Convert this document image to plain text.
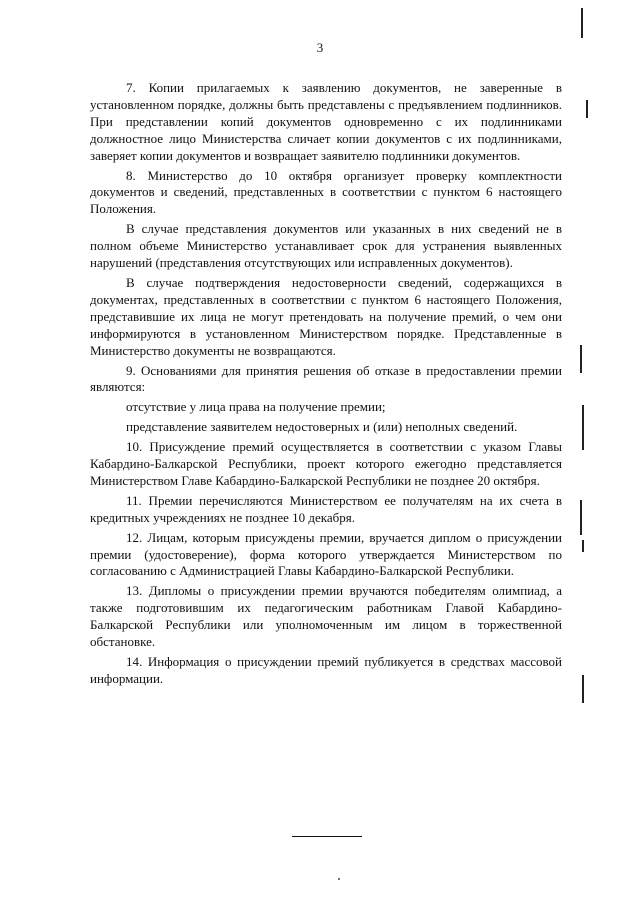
3

7. Копии прилагаемых к заявлению документов, не заверенные в установленном порядке, должны быть представлены с предъявлением подлинников. При представлении копий документов одновременно с их подлинниками должностное лицо Министерства сличает копии документов с их подлинниками, заверяет копии документов и возвращает заявителю подлинники документов.

8. Министерство до 10 октября организует проверку комплектности документов и сведений, представленных в соответствии с пунктом 6 настоящего Положения.

В случае представления документов или указанных в них сведений не в полном объеме Министерство устанавливает срок для устранения выявленных нарушений (представления отсутствующих или исправленных документов).

В случае подтверждения недостоверности сведений, содержащихся в документах, представленных в соответствии с пунктом 6 настоящего Положения, представившие их лица не могут претендовать на получение премий, о чем они информируются в установленном Министерством порядке. Представленные в Министерство документы не возвращаются.

9. Основаниями для принятия решения об отказе в предоставлении премии являются:

отсутствие у лица права на получение премии;

представление заявителем недостоверных и (или) неполных сведений.

10. Присуждение премий осуществляется в соответствии с указом Главы Кабардино-Балкарской Республики, проект которого ежегодно представляется Министерством Главе Кабардино-Балкарской Республики не позднее 20 октября.

11. Премии перечисляются Министерством ее получателям на их счета в кредитных учреждениях не позднее 10 декабря.

12. Лицам, которым присуждены премии, вручается диплом о присуждении премии (удостоверение), форма которого утверждается Министерством по согласованию с Администрацией Главы Кабардино-Балкарской Республики.

13. Дипломы о присуждении премии вручаются победителям олимпиад, а также подготовившим их педагогическим работникам Главой Кабардино-Балкарской Республики или уполномоченным им лицом в торжественной обстановке.

14. Информация о присуждении премий публикуется в средствах массовой информации.
